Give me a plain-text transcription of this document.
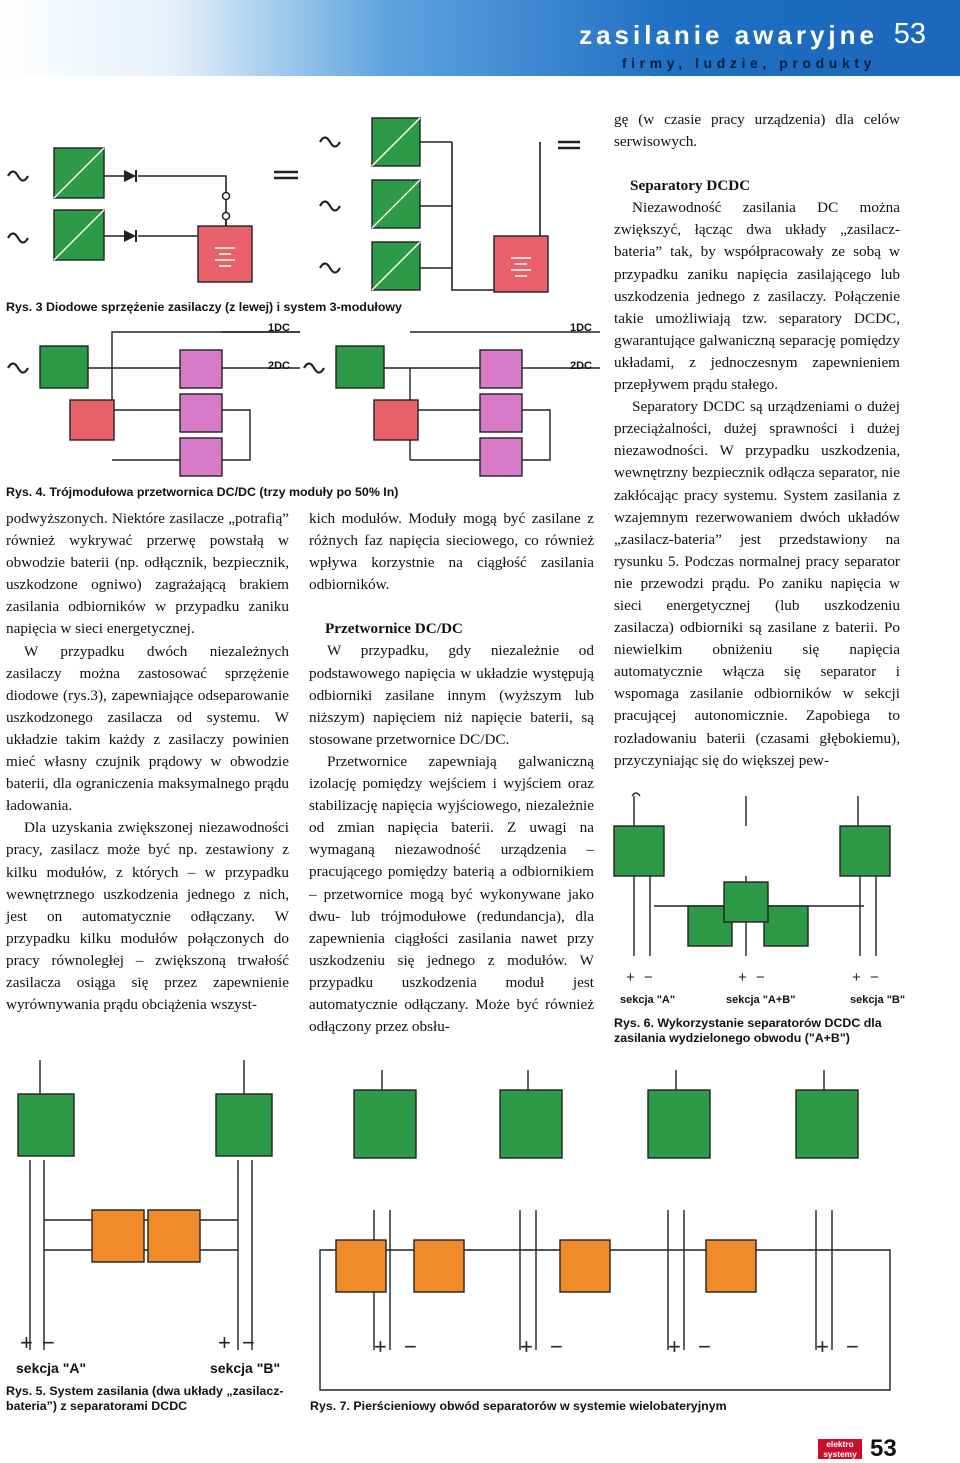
zasilanie awaryjne
firmy, ludzie, produkty
53
Rys. 3 Diodowe sprzężenie zasilaczy (z lewej) i system 3-modułowy
1DC
2DC
1DC
2DC
Rys. 4. Trójmodułowa przetwornica DC/DC (trzy moduły po 50% In)

podwyższonych. Niektóre zasilacze „potrafią” również wykrywać przerwę powstałą w obwodzie baterii (np. odłącznik, bezpiecznik, uszkodzone ogniwo) zagrażającą brakiem zasilania odbiorników w przypadku zaniku napięcia w sieci energetycznej.

W przypadku dwóch niezależnych zasilaczy można zastosować sprzężenie diodowe (rys.3), zapewniające odseparowanie uszkodzonego zasilacza od systemu. W układzie takim każdy z zasilaczy powinien mieć własny czujnik prądowy w obwodzie baterii, dla ograniczenia maksymalnego prądu ładowania.

Dla uzyskania zwiększonej niezawodności pracy, zasilacz może być np. zestawiony z kilku modułów, z których – w przypadku wewnętrznego uszkodzenia jednego z nich, jest on automatycznie odłączany. W przypadku kilku modułów połączonych do pracy równoległej – zwiększoną trwałość zasilacza osiąga się przez zapewnienie wyrównywania prądu obciążenia wszyst-

kich modułów. Moduły mogą być zasilane z różnych faz napięcia sieciowego, co również wpływa korzystnie na ciągłość zasilania odbiorników.

Przetwornice DC/DC

W przypadku, gdy niezależnie od podstawowego napięcia w układzie występują odbiorniki zasilane innym (wyższym lub niższym) napięciem niż napięcie baterii, są stosowane przetwornice DC/DC.

Przetwornice zapewniają galwaniczną izolację pomiędzy wejściem i wyjściem oraz stabilizację napięcia wyjściowego, niezależnie od zmian napięcia baterii. Z uwagi na wymaganą niezawodność urządzenia – pracującego pomiędzy baterią a odbiornikiem – przetwornice mogą być wykonywane jako dwu- lub trójmodułowe (redundancja), dla zapewnienia ciągłości zasilania nawet przy uszkodzeniu się jednego z modułów. W przypadku uszkodzenia moduł jest automatycznie odłączany. Może być również odłączony przez obsłu-

gę (w czasie pracy urządzenia) dla celów serwisowych.

Separatory DCDC

Niezawodność zasilania DC można zwiększyć, łącząc dwa układy „zasilacz-bateria” tak, by współpracowały ze sobą w przypadku zaniku napięcia zasilającego lub uszkodzenia jednego z zasilaczy. Połączenie takie umożliwiają tzw. separatory DCDC, gwarantujące galwaniczną separację pomiędzy układami, z jednoczesnym zapewnieniem przepływem prądu stałego.

Separatory DCDC są urządzeniami o dużej przeciążalności, dużej sprawności i dużej niezawodności. W przypadku uszkodzenia, wewnętrzny bezpiecznik odłącza separator, nie zakłócając pracy systemu. System zasilania z wzajemnym rezerwowaniem dwóch układów „zasilacz-bateria” jest przedstawiony na rysunku 5. Podczas normalnej pracy separator nie przewodzi prądu. Po zaniku napięcia w sieci energetycznej (lub uszkodzeniu zasilacza) odbiorniki są zasilane z baterii. Po niewielkim obniżeniu się napięcia automatycznie włącza się separator i wspomaga zasilanie odbiorników w sekcji pracującej autonomicznie. Zapobiega to rozładowaniu baterii (czasami głębokiemu), przyczyniając się do większej pew-

+ −	+ −	+ −
sekcja "A"	sekcja "A+B"	sekcja "B"
Rys. 6. Wykorzystanie separatorów DCDC dla zasilania wydzielonego obwodu ("A+B")
+ −	+ −
sekcja "A"	sekcja "B"
Rys. 5. System zasilania (dwa układy „zasilacz-bateria”) z separatorami DCDC
+ −	+ −	+ −	+ −
Rys. 7. Pierścieniowy obwód separatorów w systemie wielobateryjnym
elektro
systemy 53
